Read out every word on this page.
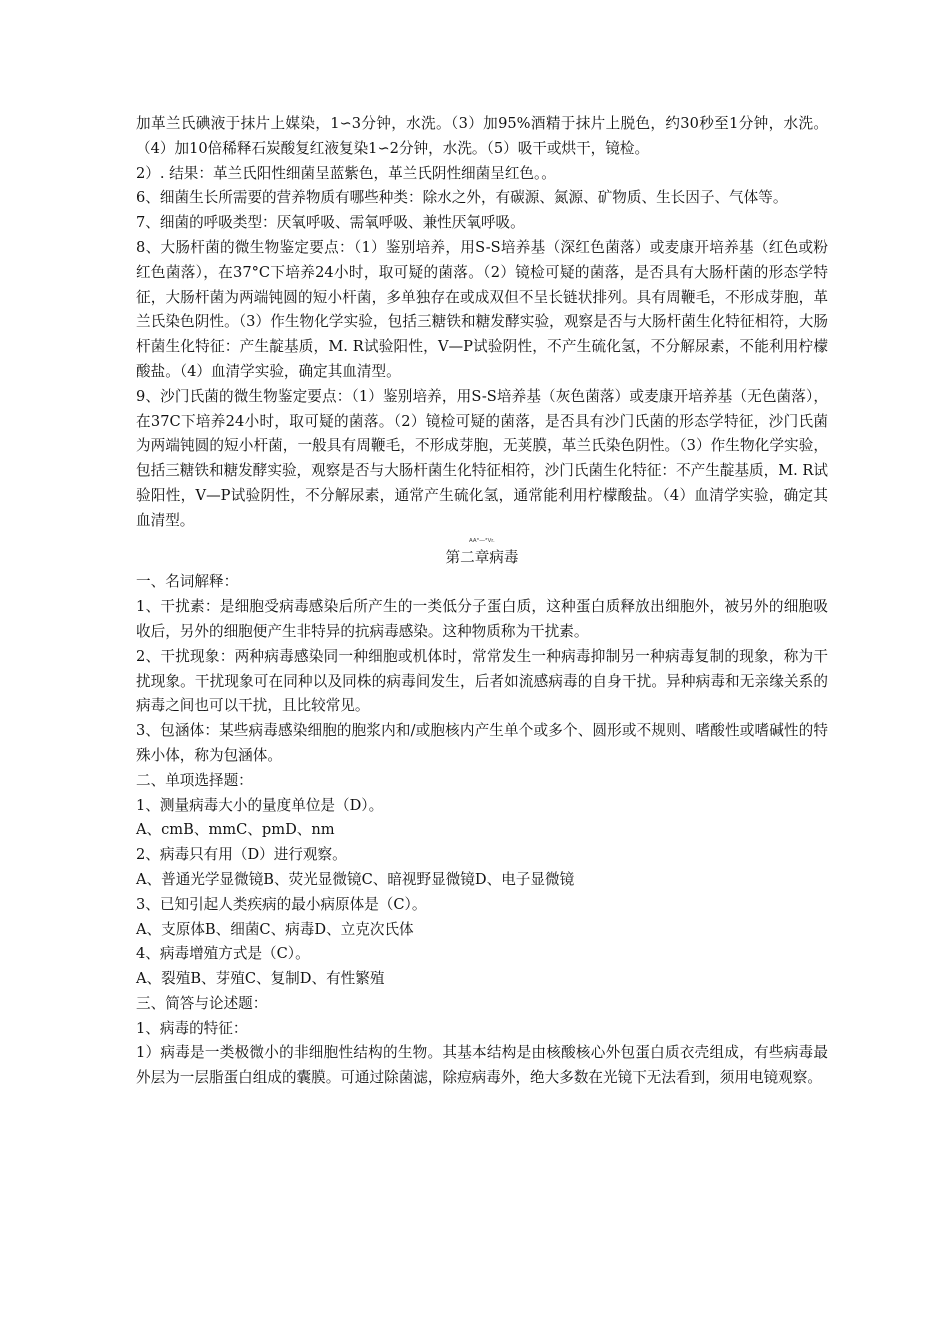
加革兰氏碘液于抹片上媒染，1∽3分钟，水洗。（3）加95%酒精于抹片上脱色，约30秒至1分钟，水洗。（4）加10倍稀释石炭酸复红液复染1∽2分钟，水洗。（5）吸干或烘干，镜检。

2）. 结果：革兰氏阳性细菌呈蓝紫色，革兰氏阴性细菌呈红色。。

6、细菌生长所需要的营养物质有哪些种类：除水之外，有碳源、氮源、矿物质、生长因子、气体等。

7、细菌的呼吸类型：厌氧呼吸、需氧呼吸、兼性厌氧呼吸。

8、大肠杆菌的微生物鉴定要点：（1）鉴别培养，用S-S培养基（深红色菌落）或麦康开培养基（红色或粉红色菌落），在37°C下培养24小时，取可疑的菌落。（2）镜检可疑的菌落，是否具有大肠杆菌的形态学特征，大肠杆菌为两端钝圆的短小杆菌，多单独存在或成双但不呈长链状排列。具有周鞭毛，不形成芽胞，革兰氏染色阴性。（3）作生物化学实验，包括三糖铁和糖发酵实验，观察是否与大肠杆菌生化特征相符，大肠杆菌生化特征：产生靛基质，M. R试验阳性，V—P试验阴性，不产生硫化氢，不分解尿素，不能利用柠檬酸盐。（4）血清学实验，确定其血清型。

9、沙门氏菌的微生物鉴定要点：（1）鉴别培养，用S-S培养基（灰色菌落）或麦康开培养基（无色菌落），在37C下培养24小时，取可疑的菌落。（2）镜检可疑的菌落，是否具有沙门氏菌的形态学特征，沙门氏菌为两端钝圆的短小杆菌，一般具有周鞭毛，不形成芽胞，无荚膜，革兰氏染色阴性。（3）作生物化学实验，包括三糖铁和糖发酵实验，观察是否与大肠杆菌生化特征相符，沙门氏菌生化特征：不产生靛基质，M. R试验阳性，V—P试验阴性，不分解尿素，通常产生硫化氢，通常能利用柠檬酸盐。（4）血清学实验，确定其血清型。

AA*—*Vr.
第二章病毒

一、名词解释：

1、干扰素：是细胞受病毒感染后所产生的一类低分子蛋白质，这种蛋白质释放出细胞外，被另外的细胞吸收后，另外的细胞便产生非特异的抗病毒感染。这种物质称为干扰素。

2、干扰现象：两种病毒感染同一种细胞或机体时，常常发生一种病毒抑制另一种病毒复制的现象，称为干扰现象。干扰现象可在同种以及同株的病毒间发生，后者如流感病毒的自身干扰。异种病毒和无亲缘关系的病毒之间也可以干扰，且比较常见。

3、包涵体：某些病毒感染细胞的胞浆内和/或胞核内产生单个或多个、圆形或不规则、嗜酸性或嗜碱性的特殊小体，称为包涵体。

二、单项选择题：

1、测量病毒大小的量度单位是（D）。

A、cmB、mmC、pmD、nm

2、病毒只有用（D）进行观察。

A、普通光学显微镜B、荧光显微镜C、暗视野显微镜D、电子显微镜

3、已知引起人类疾病的最小病原体是（C）。

A、支原体B、细菌C、病毒D、立克次氏体

4、病毒增殖方式是（C）。

A、裂殖B、芽殖C、复制D、有性繁殖

三、简答与论述题：

1、病毒的特征：

1）病毒是一类极微小的非细胞性结构的生物。其基本结构是由核酸核心外包蛋白质衣壳组成，有些病毒最外层为一层脂蛋白组成的囊膜。可通过除菌滤，除痘病毒外，绝大多数在光镜下无法看到，须用电镜观察。
